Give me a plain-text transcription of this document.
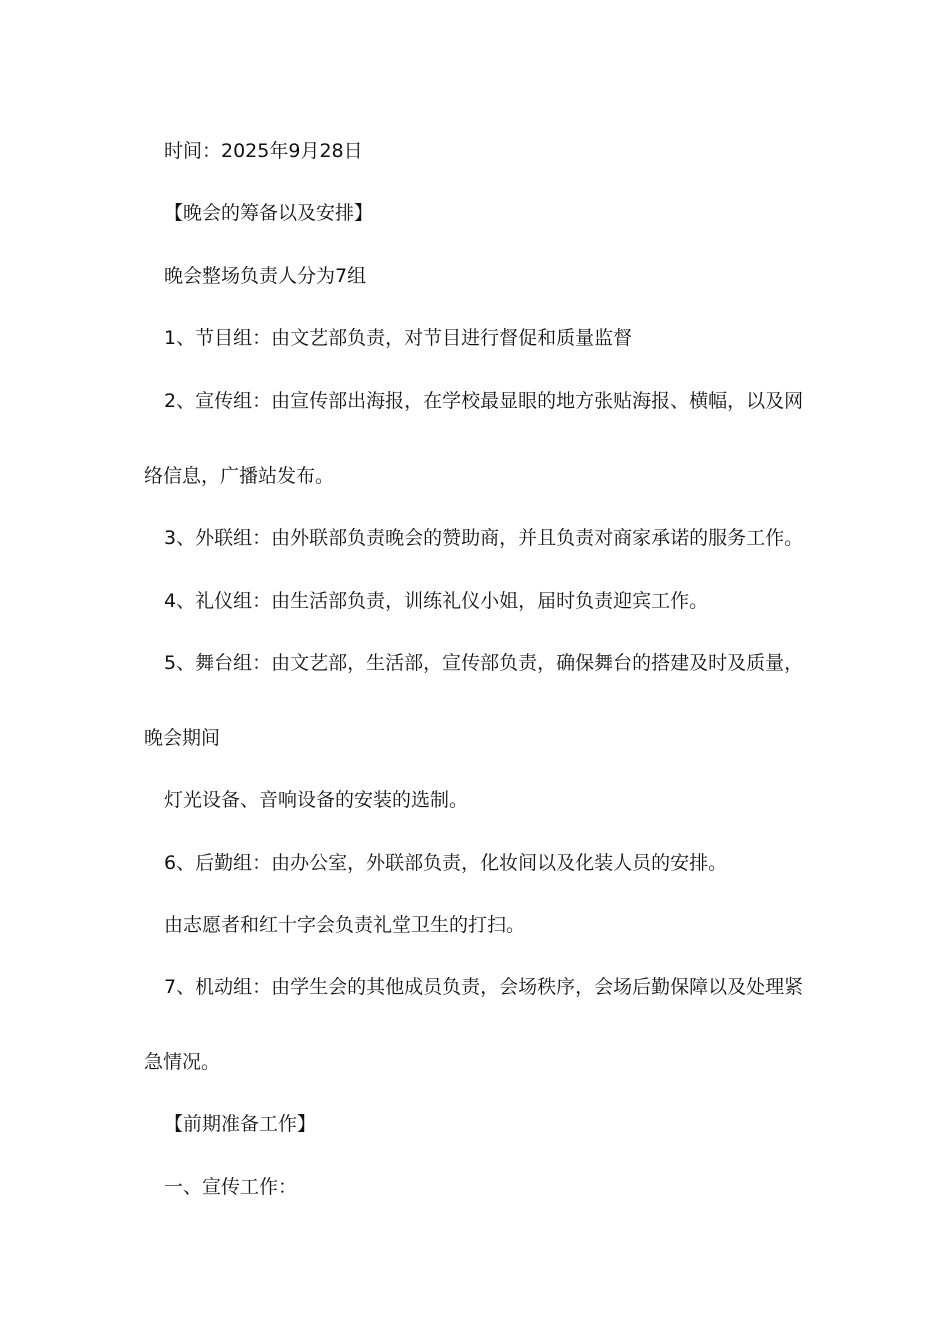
时间：2025年9月28日
【晚会的筹备以及安排】
晚会整场负责人分为7组
1、节目组：由文艺部负责，对节目进行督促和质量监督
2、宣传组：由宣传部出海报，在学校最显眼的地方张贴海报、横幅，以及网
络信息，广播站发布。
3、外联组：由外联部负责晚会的赞助商，并且负责对商家承诺的服务工作。
4、礼仪组：由生活部负责，训练礼仪小姐，届时负责迎宾工作。
5、舞台组：由文艺部，生活部，宣传部负责，确保舞台的搭建及时及质量，
晚会期间
灯光设备、音响设备的安装的选制。
6、后勤组：由办公室，外联部负责，化妆间以及化装人员的安排。
由志愿者和红十字会负责礼堂卫生的打扫。
7、机动组：由学生会的其他成员负责，会场秩序，会场后勤保障以及处理紧
急情况。
【前期准备工作】
一、宣传工作：
